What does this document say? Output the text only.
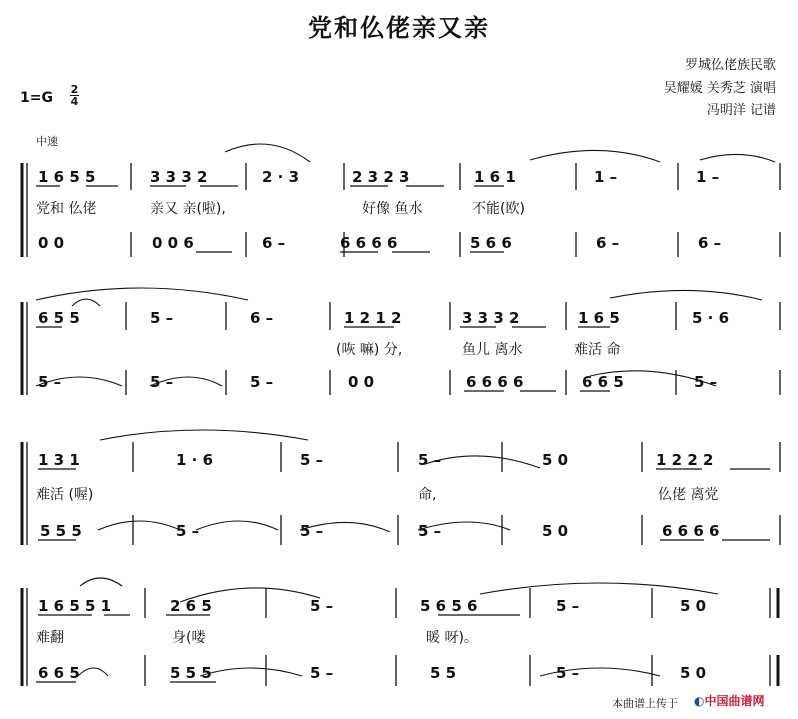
党和仫佬亲又亲
罗城仫佬族民歌
吴耀媛 关秀芝 演唱
冯明洋 记谱
1=G
2
4
中速
1 6 5 5	3 3 3 2	2 · 3	2 3 2 3	1 6 1	1 –	1 –
党和 仫佬	亲又 亲(啦),	好像 鱼水	不能(欧)
0 0	0 0 6	6 –	6 6 6 6	5 6 6	6 –	6 –
6 5 5	5 –	6 –	1 2 1 2	3 3 3 2	1 6 5	5 · 6
(咴 嘛) 分,	鱼儿 离水	难活 命
5 –	5 –	5 –	0 0	6 6 6 6	6 6 5	5 –
1 3 1	1 · 6	5 –	5 –	5 0	1 2 2 2
难活 (喔)	命,	仫佬 离党
5 5 5	5 –	5 –	5 –	5 0	6 6 6 6
1 6 5 5 1	2 6 5	5 –	5 6 5 6	5 –	5 0
难翻	身(喽	暖 呀)。
6 6 5	5 5 5	5 –	5 5	5 –	5 0
本曲谱上传于 ◐中国曲谱网
